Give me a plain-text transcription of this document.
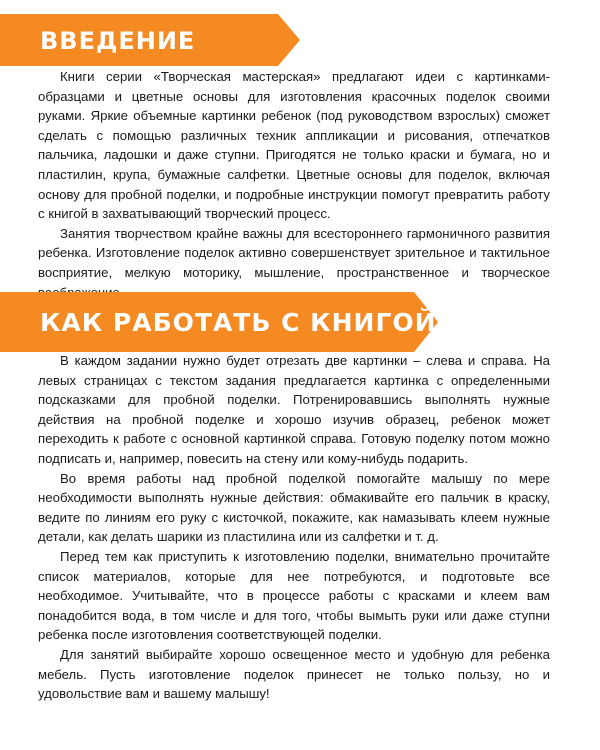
ВВЕДЕНИЕ

Книги серии «Творческая мастерская» предлагают идеи с картинками-образцами и цветные основы для изготовления красочных поделок своими руками. Яркие объемные картинки ребенок (под руководством взрослых) сможет сделать с помощью различных техник аппликации и рисования, отпечатков пальчика, ладошки и даже ступни. Пригодятся не только краски и бумага, но и пластилин, крупа, бумажные салфетки. Цветные основы для поделок, включая основу для пробной поделки, и подробные инструкции помогут превратить работу с книгой в захватывающий творческий процесс.

Занятия творчеством крайне важны для всестороннего гармоничного развития ребенка. Изготовление поделок активно совершенствует зрительное и тактильное восприятие, мелкую моторику, мышление, пространственное и творческое

КАК РАБОТАТЬ С КНИГОЙ

В каждом задании нужно будет отрезать две картинки – слева и справа. На левых страницах с текстом задания предлагается картинка с определенными подсказками для пробной поделки. Потренировавшись выполнять нужные действия на пробной поделке и хорошо изучив образец, ребенок может переходить к работе с основной картинкой справа. Готовую поделку потом можно подписать и, например, повесить на стену или кому-нибудь подарить.

Во время работы над пробной поделкой помогайте малышу по мере необходимости выполнять нужные действия: обмакивайте его пальчик в краску, ведите по линиям его руку с кисточкой, покажите, как намазывать клеем нужные детали, как делать шарики из пластилина или из салфетки и т. д.

Перед тем как приступить к изготовлению поделки, внимательно прочитайте список материалов, которые для нее потребуются, и подготовьте все необходимое. Учитывайте, что в процессе работы с красками и клеем вам понадобится вода, в том числе и для того, чтобы вымыть руки или даже ступни ребенка после изготовления соответствующей поделки.

Для занятий выбирайте хорошо освещенное место и удобную для ребенка мебель. Пусть изготовление поделок принесет не только пользу, но и удовольствие вам и вашему малышу!
